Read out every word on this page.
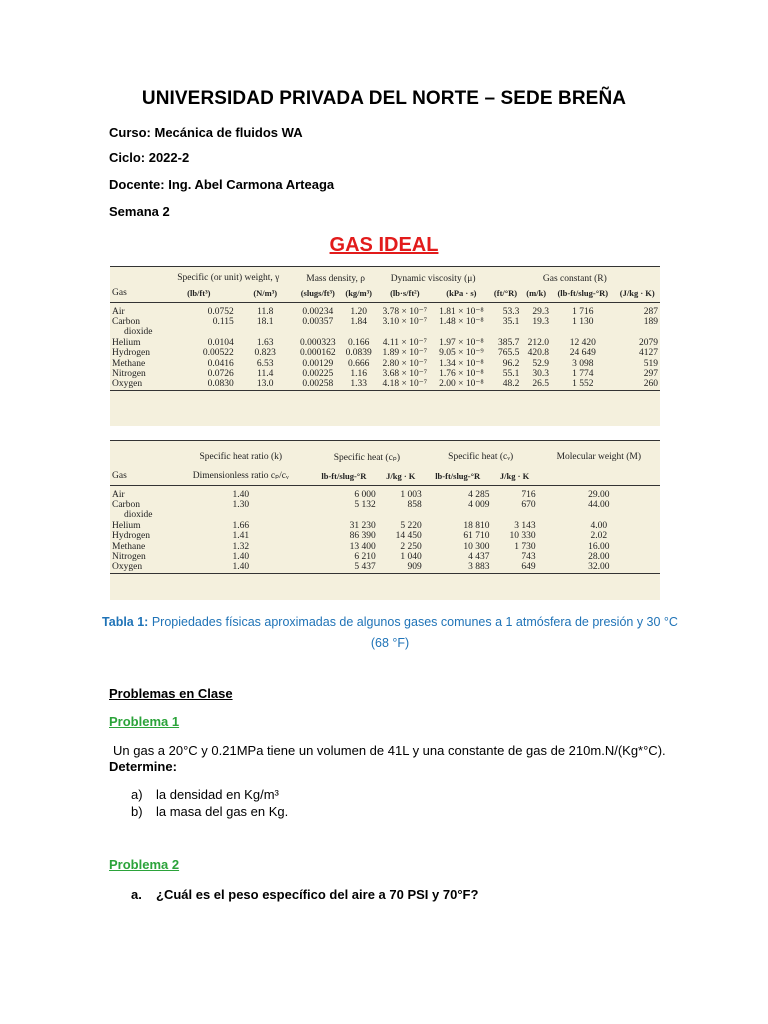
UNIVERSIDAD PRIVADA DEL NORTE – SEDE BREÑA
Curso: Mecánica de fluidos WA
Ciclo: 2022-2
Docente: Ing. Abel Carmona Arteaga
Semana 2
GAS IDEAL

	Specific (or unit) weight, γ		Mass density, ρ		Dynamic viscosity (μ)		Gas constant (R)			
Gas	(lb/ft³)	(N/m³)	(slugs/ft³)	(kg/m³)	(lb·s/ft²)	(kPa · s)	(ft/°R)	(m/k)	(lb-ft/slug-°R)	(J/kg · K)

Air	0.0752	11.8	0.00234	1.20	3.78 × 10⁻⁷	1.81 × 10⁻⁸	53.3	29.3	1 716	287
Carbon	0.115	18.1	0.00357	1.84	3.10 × 10⁻⁷	1.48 × 10⁻⁸	35.1	19.3	1 130	189
dioxide										
Helium	0.0104	1.63	0.000323	0.166	4.11 × 10⁻⁷	1.97 × 10⁻⁸	385.7	212.0	12 420	2079
Hydrogen	0.00522	0.823	0.000162	0.0839	1.89 × 10⁻⁷	9.05 × 10⁻⁹	765.5	420.8	24 649	4127
Methane	0.0416	6.53	0.00129	0.666	2.80 × 10⁻⁷	1.34 × 10⁻⁸	96.2	52.9	3 098	519
Nitrogen	0.0726	11.4	0.00225	1.16	3.68 × 10⁻⁷	1.76 × 10⁻⁸	55.1	30.3	1 774	297
Oxygen	0.0830	13.0	0.00258	1.33	4.18 × 10⁻⁷	2.00 × 10⁻⁸	48.2	26.5	1 552	260

	Specific heat ratio (k)	Specific heat (cₚ)		Specific heat (cᵥ)		Molecular weight (M)
Gas	Dimensionless ratio cₚ/cᵥ	lb-ft/slug-°R	J/kg · K	lb-ft/slug-°R	J/kg · K	

Air	1.40	6 000	1 003	4 285	716	29.00
Carbon	1.30	5 132	858	4 009	670	44.00
dioxide						
Helium	1.66	31 230	5 220	18 810	3 143	4.00
Hydrogen	1.41	86 390	14 450	61 710	10 330	2.02
Methane	1.32	13 400	2 250	10 300	1 730	16.00
Nitrogen	1.40	6 210	1 040	4 437	743	28.00
Oxygen	1.40	5 437	909	3 883	649	32.00

Tabla 1: Propiedades físicas aproximadas de algunos gases comunes a 1 atmósfera de presión y 30 °C (68 °F)
Problemas en Clase
Problema 1
Un gas a 20°C y 0.21MPa tiene un volumen de 41L y una constante de gas de 210m.N/(Kg*°C).
Determine:
a) la densidad en Kg/m³
b) la masa del gas en Kg.
Problema 2
a. ¿Cuál es el peso específico del aire a 70 PSI y 70°F?
